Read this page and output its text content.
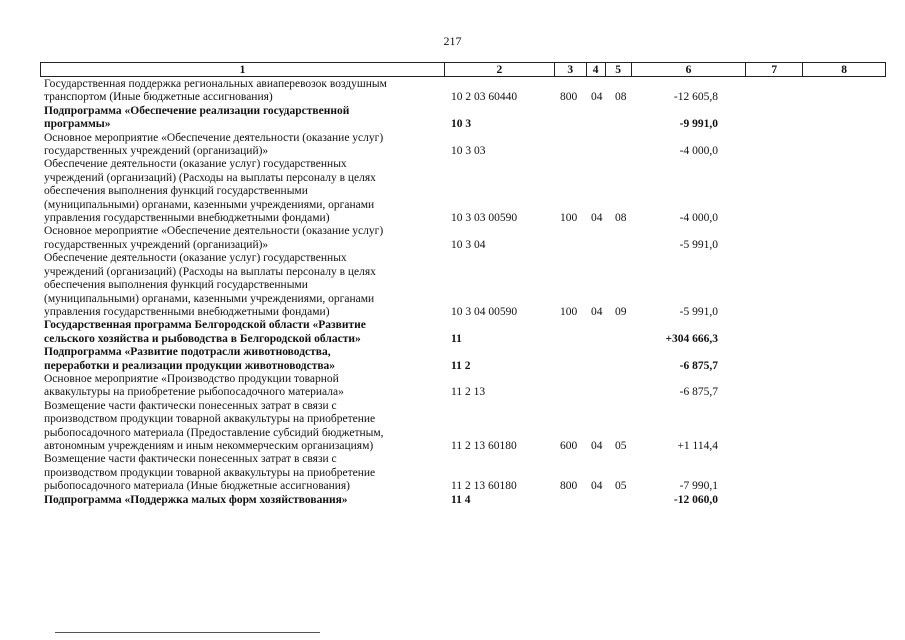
217
1	2	3	4	5	6	7	8
Государственная поддержка региональных авиаперевозок воздушным
транспортом (Иные бюджетные ассигнования)	10 2 03 60440	800 04 08	-12 605,8
Подпрограмма «Обеспечение реализации государственной
программы»	10 3	-9 991,0
Основное мероприятие «Обеспечение деятельности (оказание услуг)
государственных учреждений (организаций)»	10 3 03	-4 000,0
Обеспечение деятельности (оказание услуг) государственных
учреждений (организаций) (Расходы на выплаты персоналу в целях
обеспечения выполнения функций государственными
(муниципальными) органами, казенными учреждениями, органами
управления государственными внебюджетными фондами)	10 3 03 00590	100 04 08	-4 000,0
Основное мероприятие «Обеспечение деятельности (оказание услуг)
государственных учреждений (организаций)»	10 3 04	-5 991,0
Обеспечение деятельности (оказание услуг) государственных
учреждений (организаций) (Расходы на выплаты персоналу в целях
обеспечения выполнения функций государственными
(муниципальными) органами, казенными учреждениями, органами
управления государственными внебюджетными фондами)	10 3 04 00590	100 04 09	-5 991,0
Государственная программа Белгородской области «Развитие
сельского хозяйства и рыбоводства в Белгородской области»	11	+304 666,3
Подпрограмма «Развитие подотрасли животноводства,
переработки и реализации продукции животноводства»	11 2	-6 875,7
Основное мероприятие «Производство продукции товарной
аквакультуры на приобретение рыбопосадочного материала»	11 2 13	-6 875,7
Возмещение части фактически понесенных затрат в связи с
производством продукции товарной аквакультуры на приобретение
рыбопосадочного материала (Предоставление субсидий бюджетным,
автономным учреждениям и иным некоммерческим организациям)	11 2 13 60180	600 04 05	+1 114,4
Возмещение части фактически понесенных затрат в связи с
производством продукции товарной аквакультуры на приобретение
рыбопосадочного материала (Иные бюджетные ассигнования)	11 2 13 60180	800 04 05	-7 990,1
Подпрограмма «Поддержка малых форм хозяйствования»	11 4	-12 060,0
